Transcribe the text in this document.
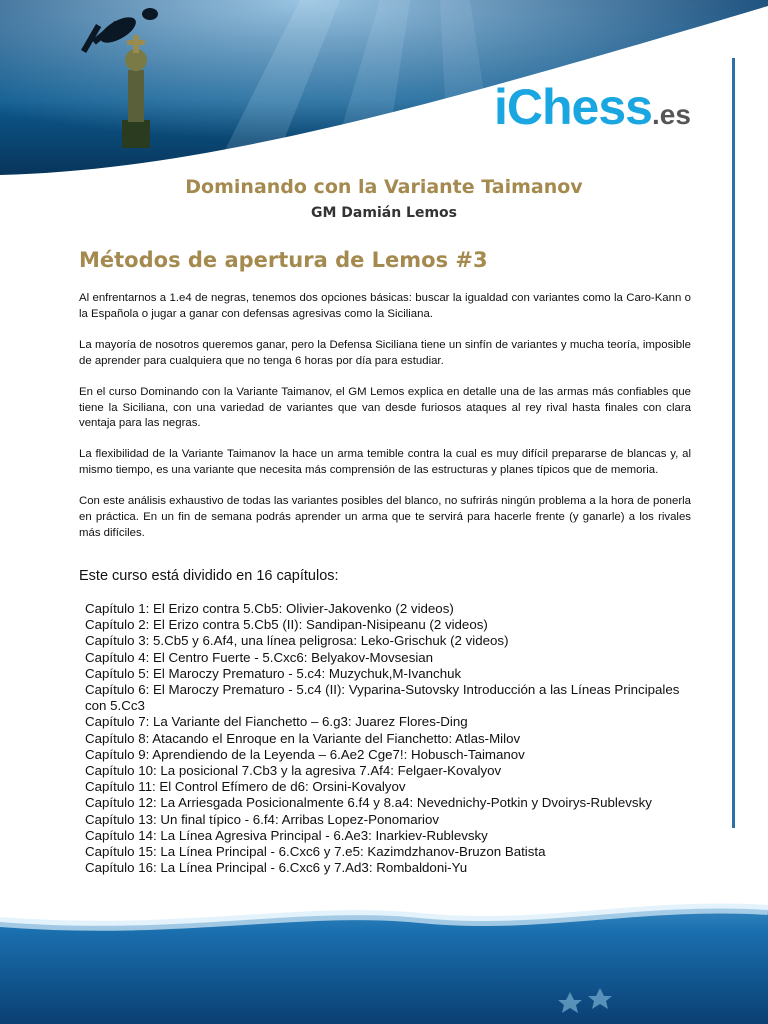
iChess.es
Dominando con la Variante Taimanov
GM Damián Lemos
Métodos de apertura de Lemos #3

Al enfrentarnos a 1.e4 de negras, tenemos dos opciones básicas: buscar la igualdad con variantes como la Caro-Kann o la Española o jugar a ganar con defensas agresivas como la Siciliana.

La mayoría de nosotros queremos ganar, pero la Defensa Siciliana tiene un sinfín de variantes y mucha teoría, imposible de aprender para cualquiera que no tenga 6 horas por día para estudiar.

En el curso Dominando con la Variante Taimanov, el GM Lemos explica en detalle una de las armas más confiables que tiene la Siciliana, con una variedad de variantes que van desde furiosos ataques al rey rival hasta finales con clara ventaja para las negras.

La flexibilidad de la Variante Taimanov la hace un arma temible contra la cual es muy difícil prepararse de blancas y, al mismo tiempo, es una variante que necesita más comprensión de las estructuras y planes típicos que de memoria.

Con este análisis exhaustivo de todas las variantes posibles del blanco, no sufrirás ningún problema a la hora de ponerla en práctica. En un fin de semana podrás aprender un arma que te servirá para hacerle frente (y ganarle) a los rivales más difíciles.

Este curso está dividido en 16 capítulos:
Capítulo 1: El Erizo contra 5.Cb5: Olivier-Jakovenko (2 videos)
Capítulo 2: El Erizo contra 5.Cb5 (II): Sandipan-Nisipeanu (2 videos)
Capítulo 3: 5.Cb5 y 6.Af4, una línea peligrosa: Leko-Grischuk (2 videos)
Capítulo 4: El Centro Fuerte - 5.Cxc6: Belyakov-Movsesian
Capítulo 5: El Maroczy Prematuro - 5.c4: Muzychuk,M-Ivanchuk
Capítulo 6: El Maroczy Prematuro - 5.c4 (II): Vyparina-Sutovsky Introducción a las Líneas Principales con 5.Cc3
Capítulo 7: La Variante del Fianchetto – 6.g3: Juarez Flores-Ding
Capítulo 8: Atacando el Enroque en la Variante del Fianchetto: Atlas-Milov
Capítulo 9: Aprendiendo de la Leyenda – 6.Ae2 Cge7!: Hobusch-Taimanov
Capítulo 10: La posicional 7.Cb3 y la agresiva 7.Af4: Felgaer-Kovalyov
Capítulo 11: El Control Efímero de d6: Orsini-Kovalyov
Capítulo 12: La Arriesgada Posicionalmente 6.f4 y 8.a4: Nevednichy-Potkin y Dvoirys-Rublevsky
Capítulo 13: Un final típico - 6.f4: Arribas Lopez-Ponomariov
Capítulo 14: La Línea Agresiva Principal - 6.Ae3: Inarkiev-Rublevsky
Capítulo 15: La Línea Principal - 6.Cxc6 y 7.e5: Kazimdzhanov-Bruzon Batista
Capítulo 16: La Línea Principal - 6.Cxc6 y 7.Ad3: Rombaldoni-Yu
